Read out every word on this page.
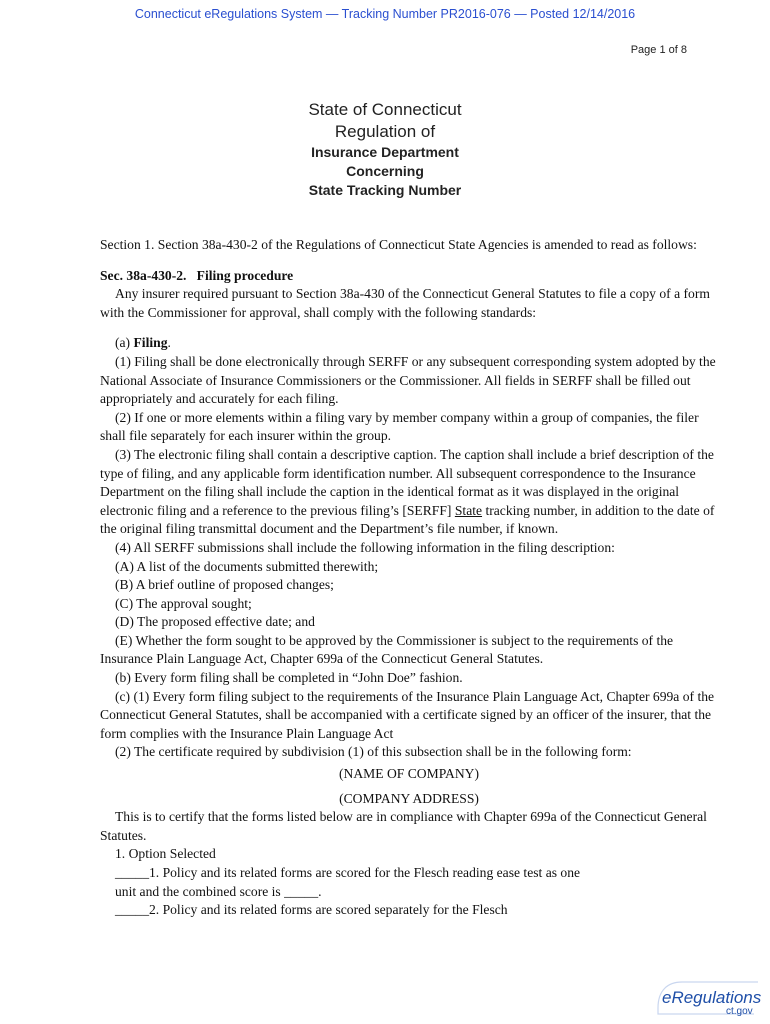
Connecticut eRegulations System — Tracking Number PR2016-076 — Posted 12/14/2016
Page 1 of 8
State of Connecticut
Regulation of
Insurance Department
Concerning
State Tracking Number

Section 1. Section 38a-430-2 of the Regulations of Connecticut State Agencies is amended to read as follows:

Sec. 38a-430-2. Filing procedure

Any insurer required pursuant to Section 38a-430 of the Connecticut General Statutes to file a copy of a form with the Commissioner for approval, shall comply with the following standards:

(a) Filing.

(1) Filing shall be done electronically through SERFF or any subsequent corresponding system adopted by the National Associate of Insurance Commissioners or the Commissioner. All fields in SERFF shall be filled out appropriately and accurately for each filing.

(2) If one or more elements within a filing vary by member company within a group of companies, the filer shall file separately for each insurer within the group.

(3) The electronic filing shall contain a descriptive caption. The caption shall include a brief description of the type of filing, and any applicable form identification number. All subsequent correspondence to the Insurance Department on the filing shall include the caption in the identical format as it was displayed in the original electronic filing and a reference to the previous filing’s [SERFF] State tracking number, in addition to the date of the original filing transmittal document and the Department’s file number, if known.

(4) All SERFF submissions shall include the following information in the filing description:

(A) A list of the documents submitted therewith;

(B) A brief outline of proposed changes;

(C) The approval sought;

(D) The proposed effective date; and

(E) Whether the form sought to be approved by the Commissioner is subject to the requirements of the Insurance Plain Language Act, Chapter 699a of the Connecticut General Statutes.

(b) Every form filing shall be completed in “John Doe” fashion.

(c) (1) Every form filing subject to the requirements of the Insurance Plain Language Act, Chapter 699a of the Connecticut General Statutes, shall be accompanied with a certificate signed by an officer of the insurer, that the form complies with the Insurance Plain Language Act

(2) The certificate required by subdivision (1) of this subsection shall be in the following form:

(NAME OF COMPANY)

(COMPANY ADDRESS)

This is to certify that the forms listed below are in compliance with Chapter 699a of the Connecticut General Statutes.

1. Option Selected

_____1. Policy and its related forms are scored for the Flesch reading ease test as one

unit and the combined score is _____.

_____2. Policy and its related forms are scored separately for the Flesch

eRegulations
ct.gov
